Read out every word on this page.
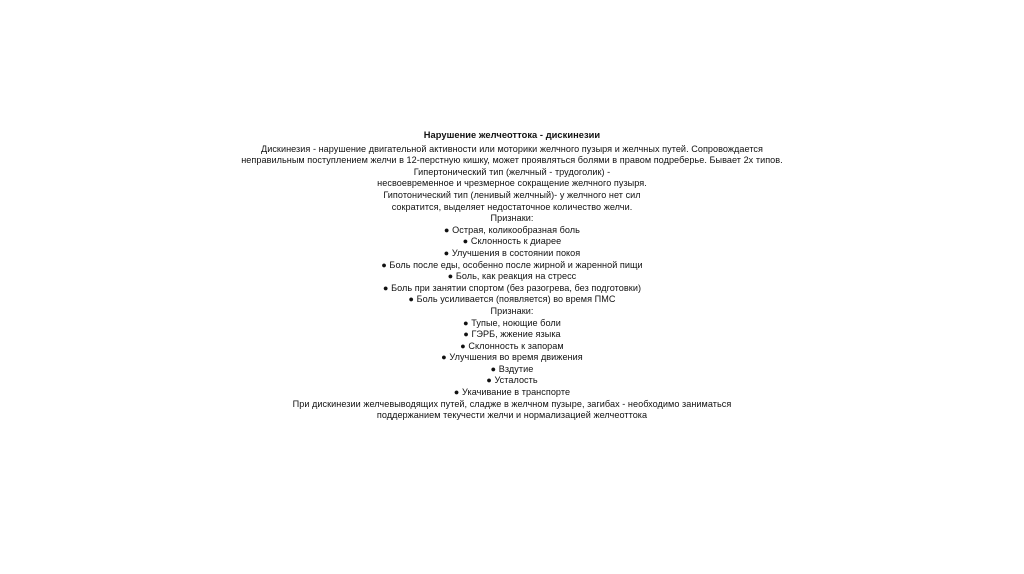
Нарушение желчеоттока - дискинезии
Дискинезия - нарушение двигательной активности или моторики желчного пузыря и желчных путей. Сопровождается
неправильным поступлением желчи в 12-перстную кишку, может проявляться болями в правом подреберье. Бывает 2х типов.
Гипертонический тип (желчный - трудоголик) -
несвоевременное и чрезмерное сокращение желчного пузыря.
Гипотонический тип (ленивый желчный)- у желчного нет сил
сократится, выделяет недостаточное количество желчи.
Признаки:
● Острая, коликообразная боль
● Склонность к диарее
● Улучшения в состоянии покоя
● Боль после еды, особенно после жирной и жаренной пищи
● Боль, как реакция на стресс
● Боль при занятии спортом (без разогрева, без подготовки)
● Боль усиливается (появляется) во время ПМС
Признаки:
● Тупые, ноющие боли
● ГЭРБ, жжение языка
● Склонность к запорам
● Улучшения во время движения
● Вздутие
● Усталость
● Укачивание в транспорте
При дискинезии желчевыводящих путей, сладже в желчном пузыре, загибах - необходимо заниматься
поддержанием текучести желчи и нормализацией желчеоттока
